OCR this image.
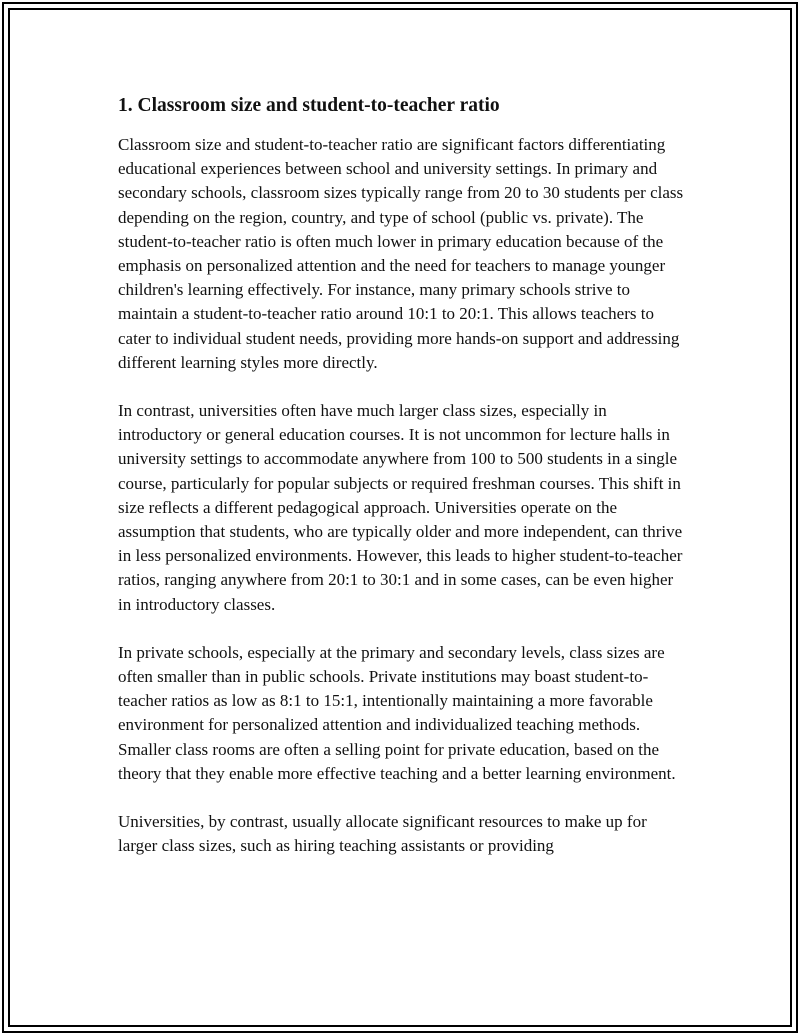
1. Classroom size and student-to-teacher ratio

Classroom size and student-to-teacher ratio are significant factors differentiating educational experiences between school and university settings. In primary and secondary schools, classroom sizes typically range from 20 to 30 students per class depending on the region, country, and type of school (public vs. private). The student-to-teacher ratio is often much lower in primary education because of the emphasis on personalized attention and the need for teachers to manage younger children's learning effectively. For instance, many primary schools strive to maintain a student-to-teacher ratio around 10:1 to 20:1. This allows teachers to cater to individual student needs, providing more hands-on support and addressing different learning styles more directly.

In contrast, universities often have much larger class sizes, especially in introductory or general education courses. It is not uncommon for lecture halls in university settings to accommodate anywhere from 100 to 500 students in a single course, particularly for popular subjects or required freshman courses. This shift in size reflects a different pedagogical approach. Universities operate on the assumption that students, who are typically older and more independent, can thrive in less personalized environments. However, this leads to higher student-to-teacher ratios, ranging anywhere from 20:1 to 30:1 and in some cases, can be even higher in introductory classes.

In private schools, especially at the primary and secondary levels, class sizes are often smaller than in public schools. Private institutions may boast student-to-teacher ratios as low as 8:1 to 15:1, intentionally maintaining a more favorable environment for personalized attention and individualized teaching methods. Smaller class rooms are often a selling point for private education, based on the theory that they enable more effective teaching and a better learning environment.

Universities, by contrast, usually allocate significant resources to make up for larger class sizes, such as hiring teaching assistants or providing
